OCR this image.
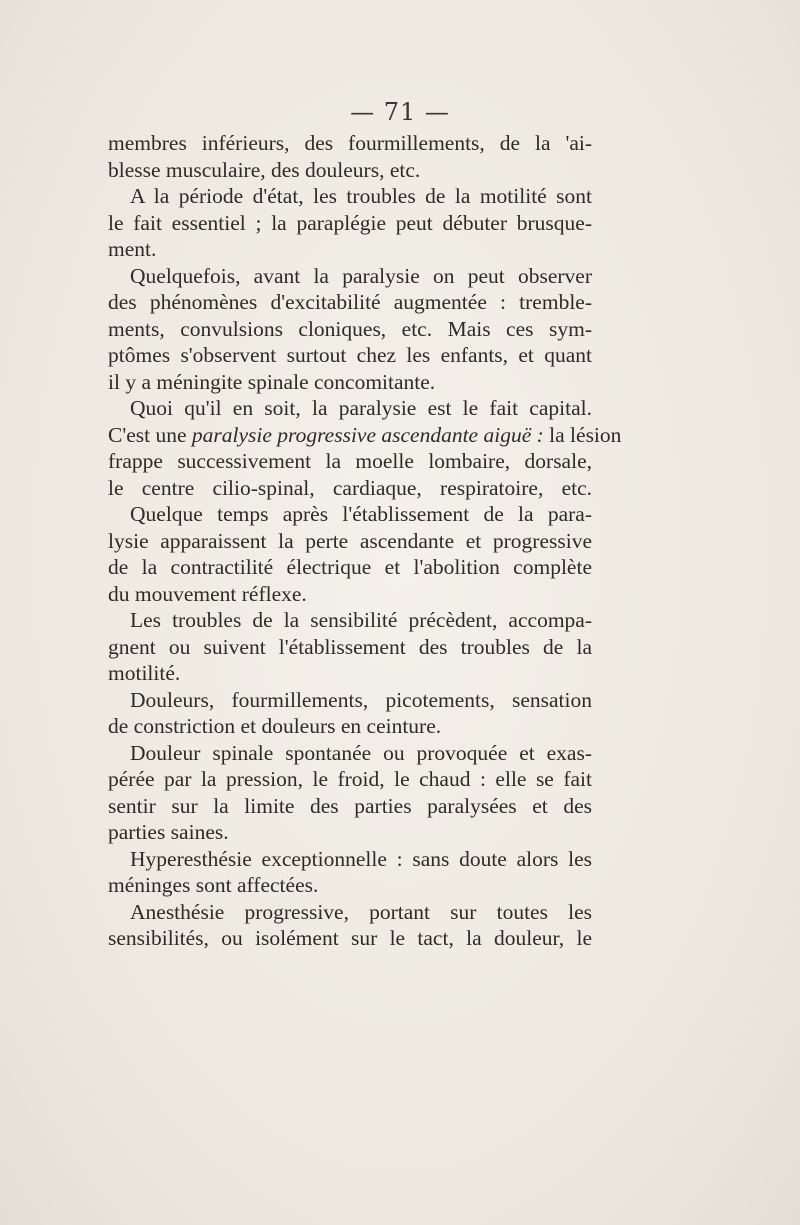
— 71 —
membres inférieurs, des fourmillements, de la 'ai-
blesse musculaire, des douleurs, etc.
A la période d'état, les troubles de la motilité sont
le fait essentiel ; la paraplégie peut débuter brusque-
ment.
Quelquefois, avant la paralysie on peut observer
des phénomènes d'excitabilité augmentée : tremble-
ments, convulsions cloniques, etc. Mais ces sym-
ptômes s'observent surtout chez les enfants, et quant
il y a méningite spinale concomitante.
Quoi qu'il en soit, la paralysie est le fait capital.
C'est une paralysie progressive ascendante aiguë : la lésion
frappe successivement la moelle lombaire, dorsale,
le centre cilio-spinal, cardiaque, respiratoire, etc.
Quelque temps après l'établissement de la para-
lysie apparaissent la perte ascendante et progressive
de la contractilité électrique et l'abolition complète
du mouvement réflexe.
Les troubles de la sensibilité précèdent, accompa-
gnent ou suivent l'établissement des troubles de la
motilité.
Douleurs, fourmillements, picotements, sensation
de constriction et douleurs en ceinture.
Douleur spinale spontanée ou provoquée et exas-
pérée par la pression, le froid, le chaud : elle se fait
sentir sur la limite des parties paralysées et des
parties saines.
Hyperesthésie exceptionnelle : sans doute alors les
méninges sont affectées.
Anesthésie progressive, portant sur toutes les
sensibilités, ou isolément sur le tact, la douleur, le
